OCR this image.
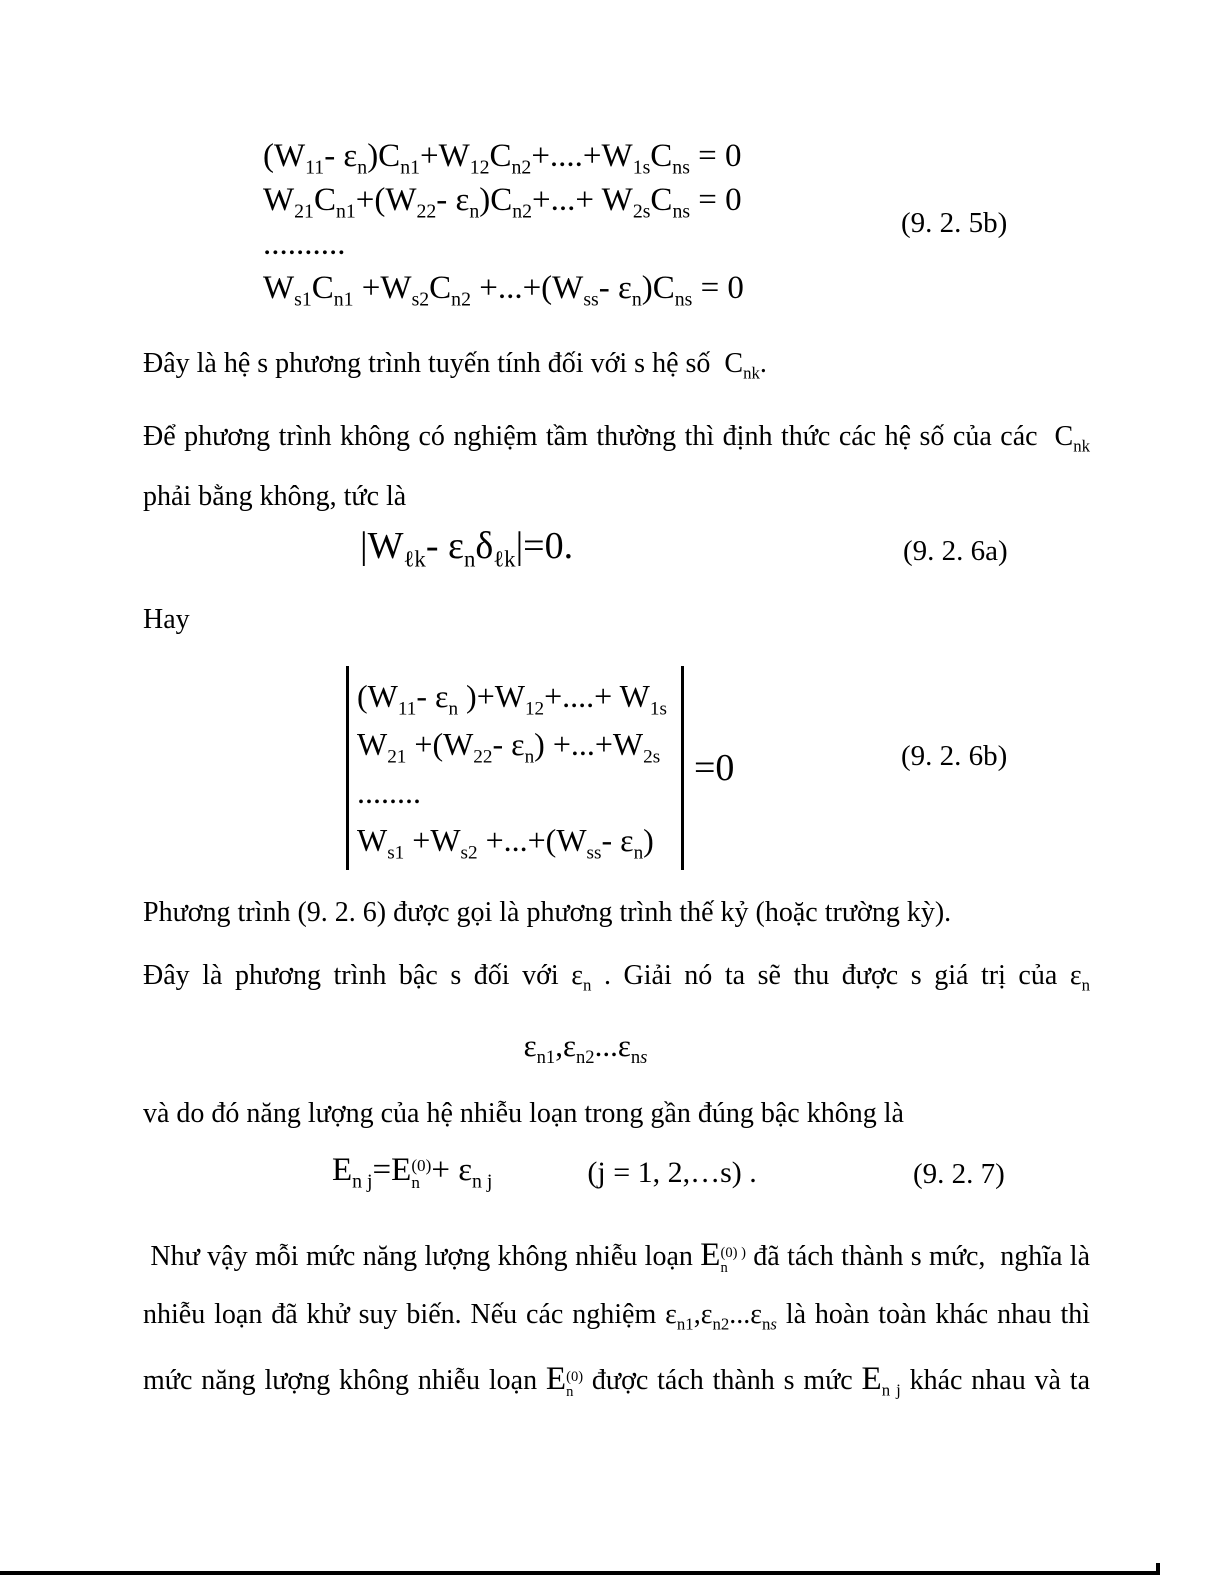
($W_{11}-$ $\varepsilon_n)C_{n1}+W_{12}C_{n2}+....+W_{1s}C_{ns} = 0$
$W_{21}C_{n1}+(W_{22}-$ $\varepsilon_n)C_{n2}+...+ W_{2s}C_{ns} = 0$
..........
$W_{s1}C_{n1} +W_{s2}C_{n2} +...+(W_{ss}-$ $\varepsilon_n)C_{ns} = 0$
(9. 2. 5b)
Đây là hệ s phương trình tuyến tính đối với s hệ số  $C_{nk}$.
Để phương trình không có nghiệm tầm thường thì định thức các hệ số của các  $C_{nk}$
phải bằng không, tức là
$|W_{\ell k}-$ $\varepsilon_n\delta_{\ell k}|=0$.	(9. 2. 6a)
Hay
($W_{11}-$ $\varepsilon_n$ )$+W_{12}+....+ W_{1s}$
$W_{21} +(W_{22}-$ $\varepsilon_n) +...+W_{2s}$
........
$W_{s1} +W_{s2} +...+(W_{ss}-$ $\varepsilon_n$)
=0	(9. 2. 6b)
Phương trình (9. 2. 6) được gọi là phương trình thế kỷ (hoặc trường kỳ).
Đây là phương trình bậc s đối với $\varepsilon_n$ . Giải nó ta sẽ thu được s giá trị của $\varepsilon_n$
$\varepsilon_{n1},\varepsilon_{n2}...\varepsilon_{ns}$
và do đó năng lượng của hệ nhiễu loạn trong gần đúng bậc không là
$E_{n j}=E$ (0)
$n + \varepsilon_{n j}$	(j = 1, 2,…s) .	(9. 2. 7)
Như vậy mỗi mức năng lượng không nhiễu loạn E (0) )
n đã tách thành s mức,  nghĩa là
nhiễu loạn đã khử suy biến. Nếu các nghiệm $\varepsilon_{n1},\varepsilon_{n2}...\varepsilon_{ns}$ là hoàn toàn khác nhau thì
mức năng lượng không nhiễu loạn E (0)
n được tách thành s mức $E_{n j}$ khác nhau và ta
